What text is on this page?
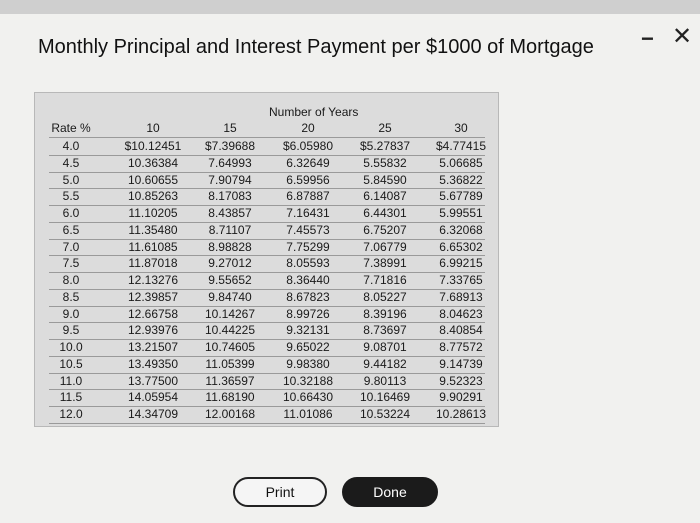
Monthly Principal and Interest Payment per $1000 of Mortgage − ✕
Number of Years
Rate %	10	15	20	25	30
4.0	$10.12451	$7.39688	$6.05980	$5.27837	$4.77415
4.5	10.36384	7.64993	6.32649	5.55832	5.06685
5.0	10.60655	7.90794	6.59956	5.84590	5.36822
5.5	10.85263	8.17083	6.87887	6.14087	5.67789
6.0	11.10205	8.43857	7.16431	6.44301	5.99551
6.5	11.35480	8.71107	7.45573	6.75207	6.32068
7.0	11.61085	8.98828	7.75299	7.06779	6.65302
7.5	11.87018	9.27012	8.05593	7.38991	6.99215
8.0	12.13276	9.55652	8.36440	7.71816	7.33765
8.5	12.39857	9.84740	8.67823	8.05227	7.68913
9.0	12.66758	10.14267	8.99726	8.39196	8.04623
9.5	12.93976	10.44225	9.32131	8.73697	8.40854
10.0	13.21507	10.74605	9.65022	9.08701	8.77572
10.5	13.49350	11.05399	9.98380	9.44182	9.14739
11.0	13.77500	11.36597	10.32188	9.80113	9.52323
11.5	14.05954	11.68190	10.66430	10.16469	9.90291
12.0	14.34709	12.00168	11.01086	10.53224	10.28613
Print	Done
